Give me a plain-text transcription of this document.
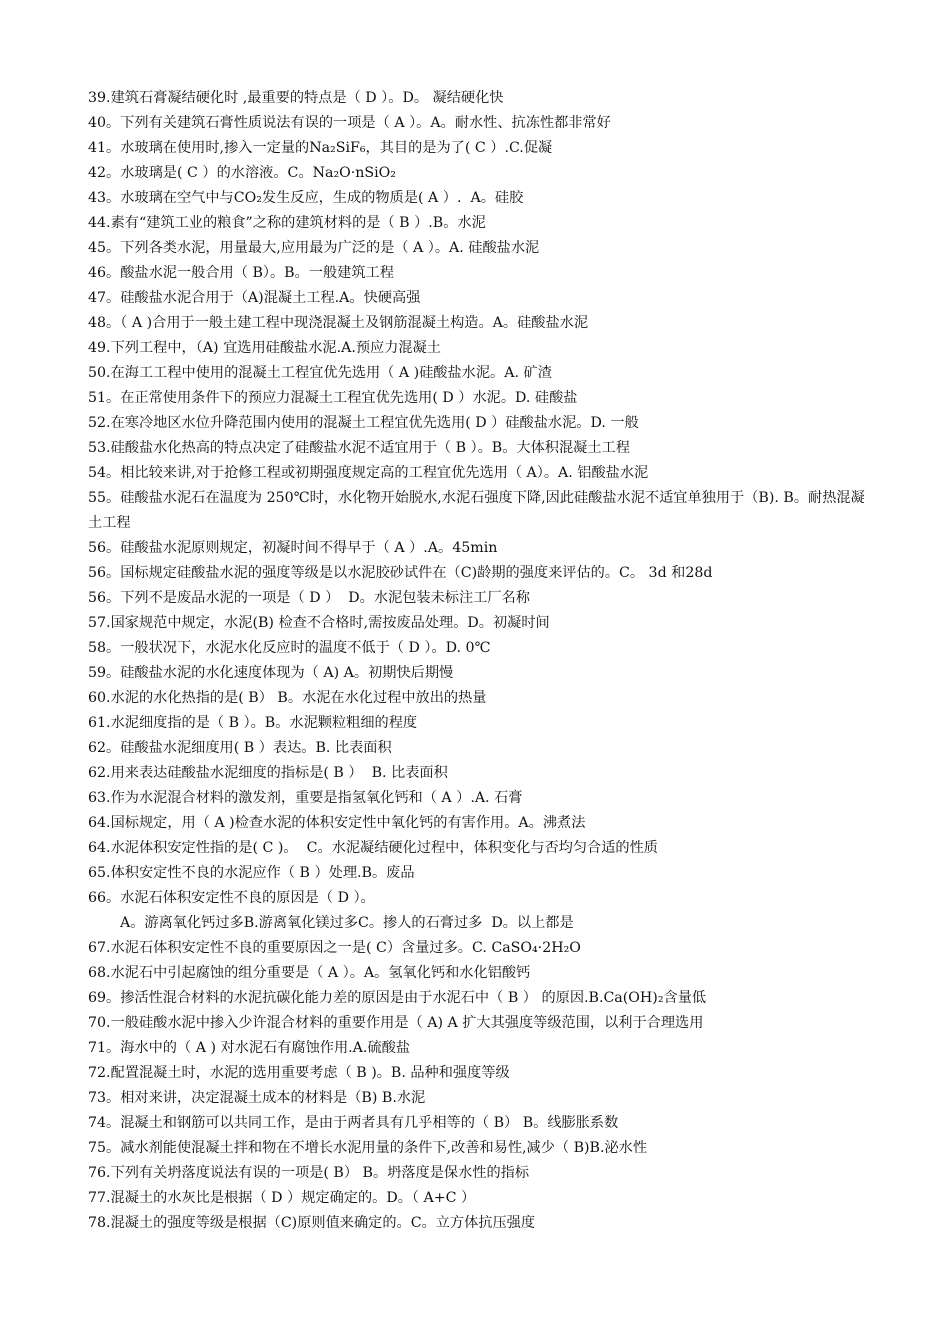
39.建筑石膏凝结硬化时 ,最重要的特点是（ D ）。D。 凝结硬化快
40。下列有关建筑石膏性质说法有误的一项是（ A ）。A。耐水性、抗冻性都非常好
41。水玻璃在使用时,掺入一定量的Na₂SiF₆，其目的是为了( C ）.C.促凝
42。水玻璃是( C ）的水溶液。C。Na₂O·nSiO₂
43。水玻璃在空气中与CO₂发生反应，生成的物质是( A ）.  A。硅胶
44.素有“建筑工业的粮食”之称的建筑材料的是（ B ）.B。水泥
45。下列各类水泥，用量最大,应用最为广泛的是（ A ）。A. 硅酸盐水泥
46。酸盐水泥一般合用（ B）。B。一般建筑工程
47。硅酸盐水泥合用于（A)混凝土工程.A。快硬高强
48。（ A )合用于一般土建工程中现浇混凝土及钢筋混凝土构造。A。硅酸盐水泥
49.下列工程中，（A) 宜选用硅酸盐水泥.A.预应力混凝土
50.在海工工程中使用的混凝土工程宜优先选用（ A )硅酸盐水泥。A. 矿渣
51。在正常使用条件下的预应力混凝土工程宜优先选用( D ）水泥。D. 硅酸盐
52.在寒冷地区水位升降范围内使用的混凝土工程宜优先选用( D ）硅酸盐水泥。D. 一般
53.硅酸盐水化热高的特点决定了硅酸盐水泥不适宜用于（ B ）。B。大体积混凝土工程
54。相比较来讲,对于抢修工程或初期强度规定高的工程宜优先选用（ A）。A. 铝酸盐水泥
55。硅酸盐水泥石在温度为 250℃时，水化物开始脱水,水泥石强度下降,因此硅酸盐水泥不适宜单独用于（B). B。耐热混凝土工程
56。硅酸盐水泥原则规定，初凝时间不得早于（ A ）.A。45min
56。国标规定硅酸盐水泥的强度等级是以水泥胶砂试件在（C)龄期的强度来评估的。C。 3d 和28d
56。下列不是废品水泥的一项是（ D ）  D。水泥包装未标注工厂名称
57.国家规范中规定，水泥(B) 检查不合格时,需按废品处理。D。初凝时间
58。一般状况下，水泥水化反应时的温度不低于（ D ）。D. 0℃
59。硅酸盐水泥的水化速度体现为（ A) A。初期快后期慢
60.水泥的水化热指的是( B） B。水泥在水化过程中放出的热量
61.水泥细度指的是（ B ）。B。水泥颗粒粗细的程度
62。硅酸盐水泥细度用( B ）表达。B. 比表面积
62.用来表达硅酸盐水泥细度的指标是( B ）  B. 比表面积
63.作为水泥混合材料的激发剂，重要是指氢氧化钙和（ A ）.A. 石膏
64.国标规定，用（ A )检查水泥的体积安定性中氧化钙的有害作用。A。沸煮法
64.水泥体积安定性指的是( C )。  C。水泥凝结硬化过程中，体积变化与否均匀合适的性质
65.体积安定性不良的水泥应作（ B ）处理.B。废品
66。水泥石体积安定性不良的原因是（ D ）。
A。游离氧化钙过多B.游离氧化镁过多C。掺人的石膏过多  D。以上都是
67.水泥石体积安定性不良的重要原因之一是( C）含量过多。C. CaSO₄·2H₂O
68.水泥石中引起腐蚀的组分重要是（ A ）。A。氢氧化钙和水化铝酸钙
69。掺活性混合材料的水泥抗碳化能力差的原因是由于水泥石中（ B ） 的原因.B.Ca(OH)₂含量低
70.一般硅酸水泥中掺入少许混合材料的重要作用是（ A) A 扩大其强度等级范围，以利于合理选用
71。海水中的（ A ) 对水泥石有腐蚀作用.A.硫酸盐
72.配置混凝土时，水泥的选用重要考虑（ B )。B. 品种和强度等级
73。相对来讲，决定混凝土成本的材料是（B) B.水泥
74。混凝土和钢筋可以共同工作，是由于两者具有几乎相等的（ B） B。线膨胀系数
75。减水剂能使混凝土拌和物在不增长水泥用量的条件下,改善和易性,减少（ B)B.泌水性
76.下列有关坍落度说法有误的一项是( B） B。坍落度是保水性的指标
77.混凝土的水灰比是根据（ D ）规定确定的。D。（ A+C ）
78.混凝土的强度等级是根据（C)原则值来确定的。C。立方体抗压强度
